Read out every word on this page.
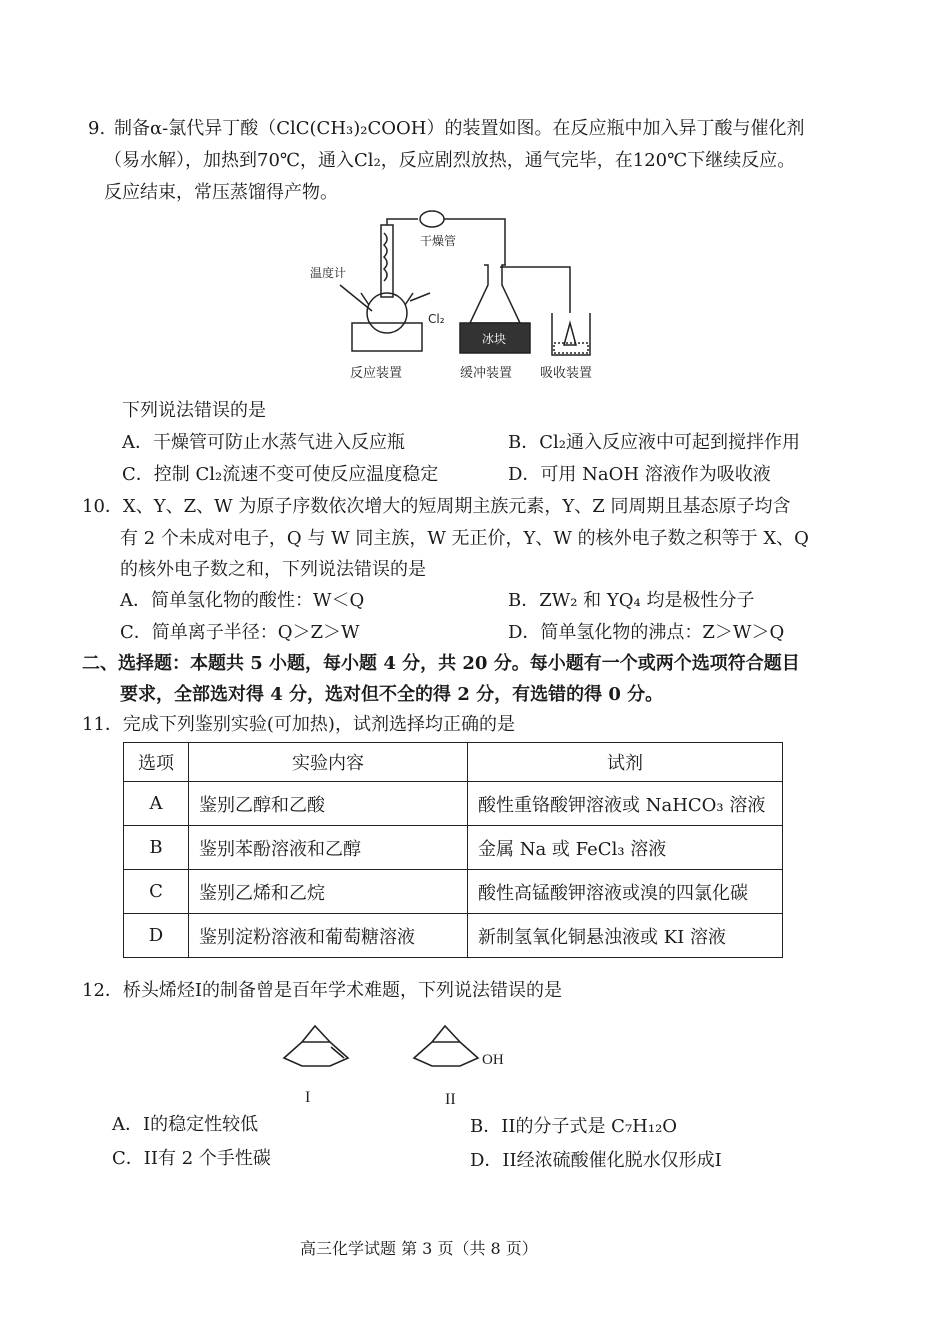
9. 制备α-氯代异丁酸（ClC(CH₃)₂COOH）的装置如图。在反应瓶中加入异丁酸与催化剂
（易水解），加热到70℃，通入Cl₂，反应剧烈放热，通气完毕，在120℃下继续反应。
反应结束，常压蒸馏得产物。
干燥管
温度计
Cl₂
冰块
反应装置	缓冲装置 吸收装置
下列说法错误的是
A．干燥管可防止水蒸气进入反应瓶	B．Cl₂通入反应液中可起到搅拌作用
C．控制 Cl₂流速不变可使反应温度稳定	D．可用 NaOH 溶液作为吸收液
10．X、Y、Z、W 为原子序数依次增大的短周期主族元素，Y、Z 同周期且基态原子均含
有 2 个未成对电子，Q 与 W 同主族，W 无正价，Y、W 的核外电子数之积等于 X、Q
的核外电子数之和，下列说法错误的是
A．简单氢化物的酸性：W＜Q	B．ZW₂ 和 YQ₄ 均是极性分子
C．简单离子半径：Q＞Z＞W	D．简单氢化物的沸点：Z＞W＞Q
二、选择题：本题共 5 小题，每小题 4 分，共 20 分。每小题有一个或两个选项符合题目
要求，全部选对得 4 分，选对但不全的得 2 分，有选错的得 0 分。
11．完成下列鉴别实验(可加热)，试剂选择均正确的是
选项	实验内容	试剂
A	鉴别乙醇和乙酸	酸性重铬酸钾溶液或 NaHCO₃ 溶液
B	鉴别苯酚溶液和乙醇	金属 Na 或 FeCl₃ 溶液
C	鉴别乙烯和乙烷	酸性高锰酸钾溶液或溴的四氯化碳
D	鉴别淀粉溶液和葡萄糖溶液	新制氢氧化铜悬浊液或 KI 溶液
12．桥头烯烃I的制备曾是百年学术难题，下列说法错误的是
OH
I	II
A．I的稳定性较低	B．II的分子式是 C₇H₁₂O
C．II有 2 个手性碳	D．II经浓硫酸催化脱水仅形成I
高三化学试题 第 3 页（共 8 页）
